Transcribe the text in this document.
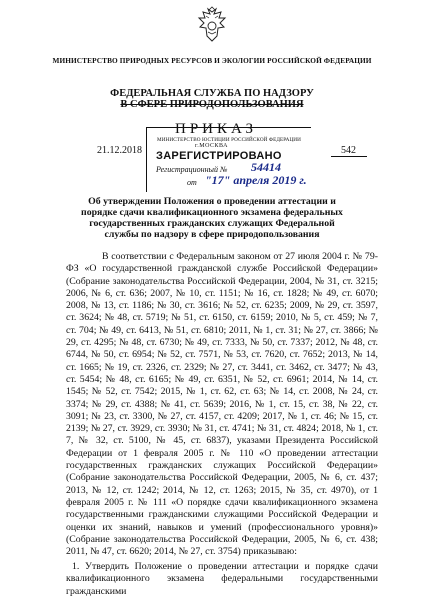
МИНИСТЕРСТВО ПРИРОДНЫХ РЕСУРСОВ И ЭКОЛОГИИ РОССИЙСКОЙ ФЕДЕРАЦИИ
ФЕДЕРАЛЬНАЯ СЛУЖБА ПО НАДЗОРУ
В СФЕРЕ ПРИРОДОПОЛЬЗОВАНИЯ
ПРИКАЗ
21.12.2018	542
МИНИСТЕРСТВО ЮСТИЦИИ РОССИЙСКОЙ ФЕДЕРАЦИИ
г.МОСКВА
ЗАРЕГИСТРИРОВАНО
Регистрационный № 54414
от "17" апреля 2019 г.
Об утверждении Положения о проведении аттестации и порядке сдачи квалификационного экзамена федеральных государственных гражданских служащих Федеральной службы по надзору в сфере природопользования

В соответствии с Федеральным законом от 27 июля 2004 г. № 79-ФЗ «О государственной гражданской службе Российской Федерации» (Собрание законодательства Российской Федерации, 2004, № 31, ст. 3215; 2006, № 6, ст. 636; 2007, № 10, ст. 1151; № 16, ст. 1828; № 49, ст. 6070; 2008, № 13, ст. 1186; № 30, ст. 3616; № 52, ст. 6235; 2009, № 29, ст. 3597, ст. 3624; № 48, ст. 5719; № 51, ст. 6150, ст. 6159; 2010, № 5, ст. 459; № 7, ст. 704; № 49, ст. 6413, № 51, ст. 6810; 2011, № 1, ст. 31; № 27, ст. 3866; № 29, ст. 4295; № 48, ст. 6730; № 49, ст. 7333, № 50, ст. 7337; 2012, № 48, ст. 6744, № 50, ст. 6954; № 52, ст. 7571, № 53, ст. 7620, ст. 7652; 2013, № 14, ст. 1665; № 19, ст. 2326, ст. 2329; № 27, ст. 3441, ст. 3462, ст. 3477; № 43, ст. 5454; № 48, ст. 6165; № 49, ст. 6351, № 52, ст. 6961; 2014, № 14, ст. 1545; № 52, ст. 7542; 2015, № 1, ст. 62, ст. 63; № 14, ст. 2008, № 24, ст. 3374; № 29, ст. 4388; № 41, ст. 5639; 2016, № 1, ст. 15, ст. 38, № 22, ст. 3091; № 23, ст. 3300, № 27, ст. 4157, ст. 4209; 2017, № 1, ст. 46; № 15, ст. 2139; № 27, ст. 3929, ст. 3930; № 31, ст. 4741; № 31, ст. 4824; 2018, № 1, ст. 7, № 32, ст. 5100, № 45, ст. 6837), указами Президента Российской Федерации от 1 февраля 2005 г. № 110 «О проведении аттестации государственных гражданских служащих Российской Федерации» (Собрание законодательства Российской Федерации, 2005, № 6, ст. 437; 2013, № 12, ст. 1242; 2014, № 12, ст. 1263; 2015, № 35, ст. 4970), от 1 февраля 2005 г. № 111 «О порядке сдачи квалификационного экзамена государственными гражданскими служащими Российской Федерации и оценки их знаний, навыков и умений (профессионального уровня)» (Собрание законодательства Российской Федерации, 2005, № 6, ст. 438; 2011, № 47, ст. 6620; 2014, № 27, ст. 3754) приказываю:

1. Утвердить Положение о проведении аттестации и порядке сдачи квалификационного экзамена федеральными государственными гражданскими
